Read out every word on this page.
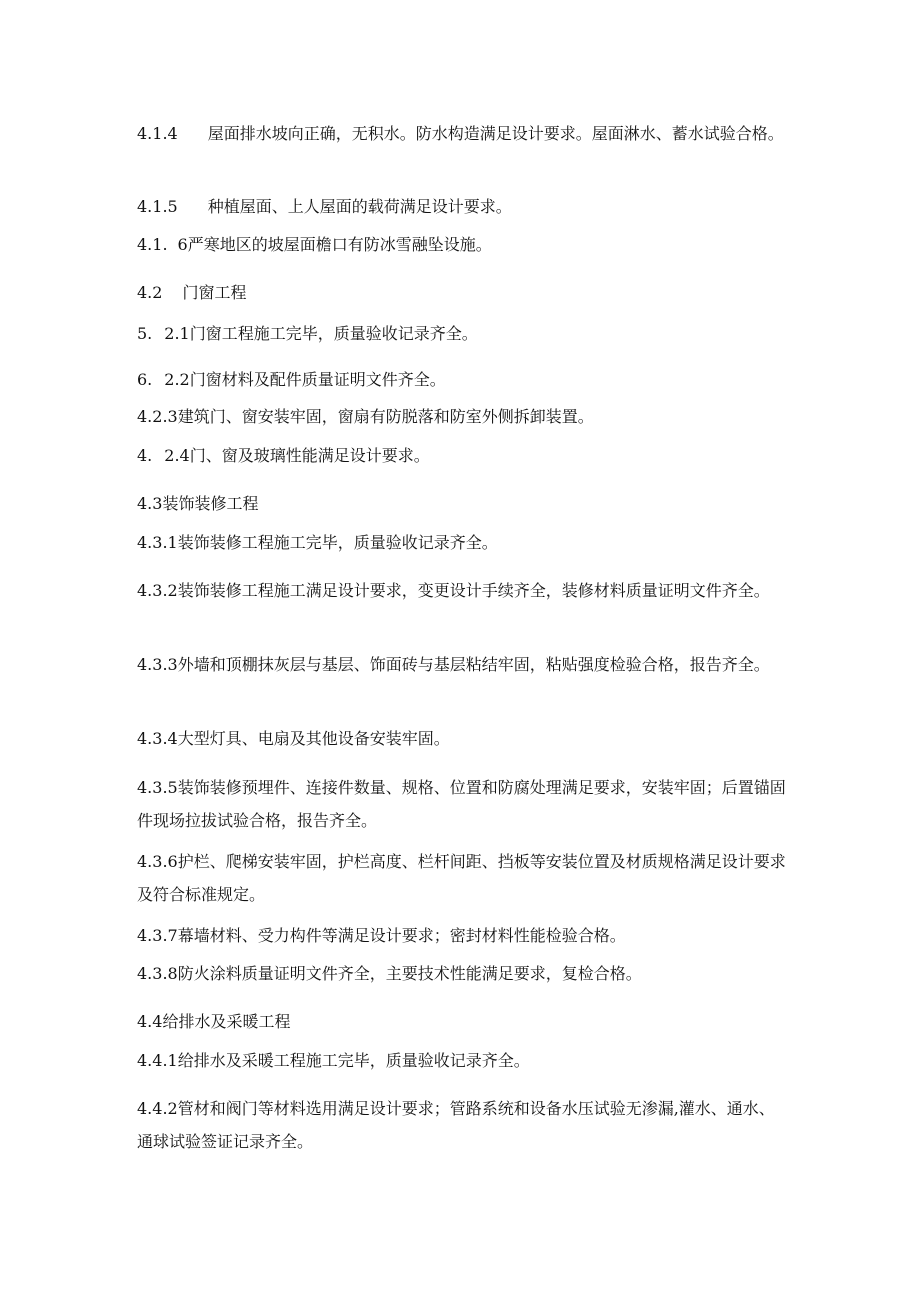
4.1.4 屋面排水坡向正确，无积水。防水构造满足设计要求。屋面淋水、蓄水试验合格。

4.1.5 种植屋面、上人屋面的载荷满足设计要求。

4.1. 6严寒地区的坡屋面檐口有防冰雪融坠设施。

4.2 门窗工程

5. 2.1门窗工程施工完毕，质量验收记录齐全。

6. 2.2门窗材料及配件质量证明文件齐全。

4.2.3建筑门、窗安装牢固，窗扇有防脱落和防室外侧拆卸装置。

4. 2.4门、窗及玻璃性能满足设计要求。

4.3装饰装修工程

4.3.1装饰装修工程施工完毕，质量验收记录齐全。

4.3.2装饰装修工程施工满足设计要求，变更设计手续齐全，装修材料质量证明文件齐全。

4.3.3外墙和顶棚抹灰层与基层、饰面砖与基层粘结牢固，粘贴强度检验合格，报告齐全。

4.3.4大型灯具、电扇及其他设备安装牢固。

4.3.5装饰装修预埋件、连接件数量、规格、位置和防腐处理满足要求，安装牢固；后置锚固件现场拉拔试验合格，报告齐全。

4.3.6护栏、爬梯安装牢固，护栏高度、栏杆间距、挡板等安装位置及材质规格满足设计要求及符合标准规定。

4.3.7幕墙材料、受力构件等满足设计要求；密封材料性能检验合格。

4.3.8防火涂料质量证明文件齐全，主要技术性能满足要求，复检合格。

4.4给排水及采暖工程

4.4.1给排水及采暖工程施工完毕，质量验收记录齐全。

4.4.2管材和阀门等材料选用满足设计要求；管路系统和设备水压试验无渗漏,灌水、通水、通球试验签证记录齐全。
